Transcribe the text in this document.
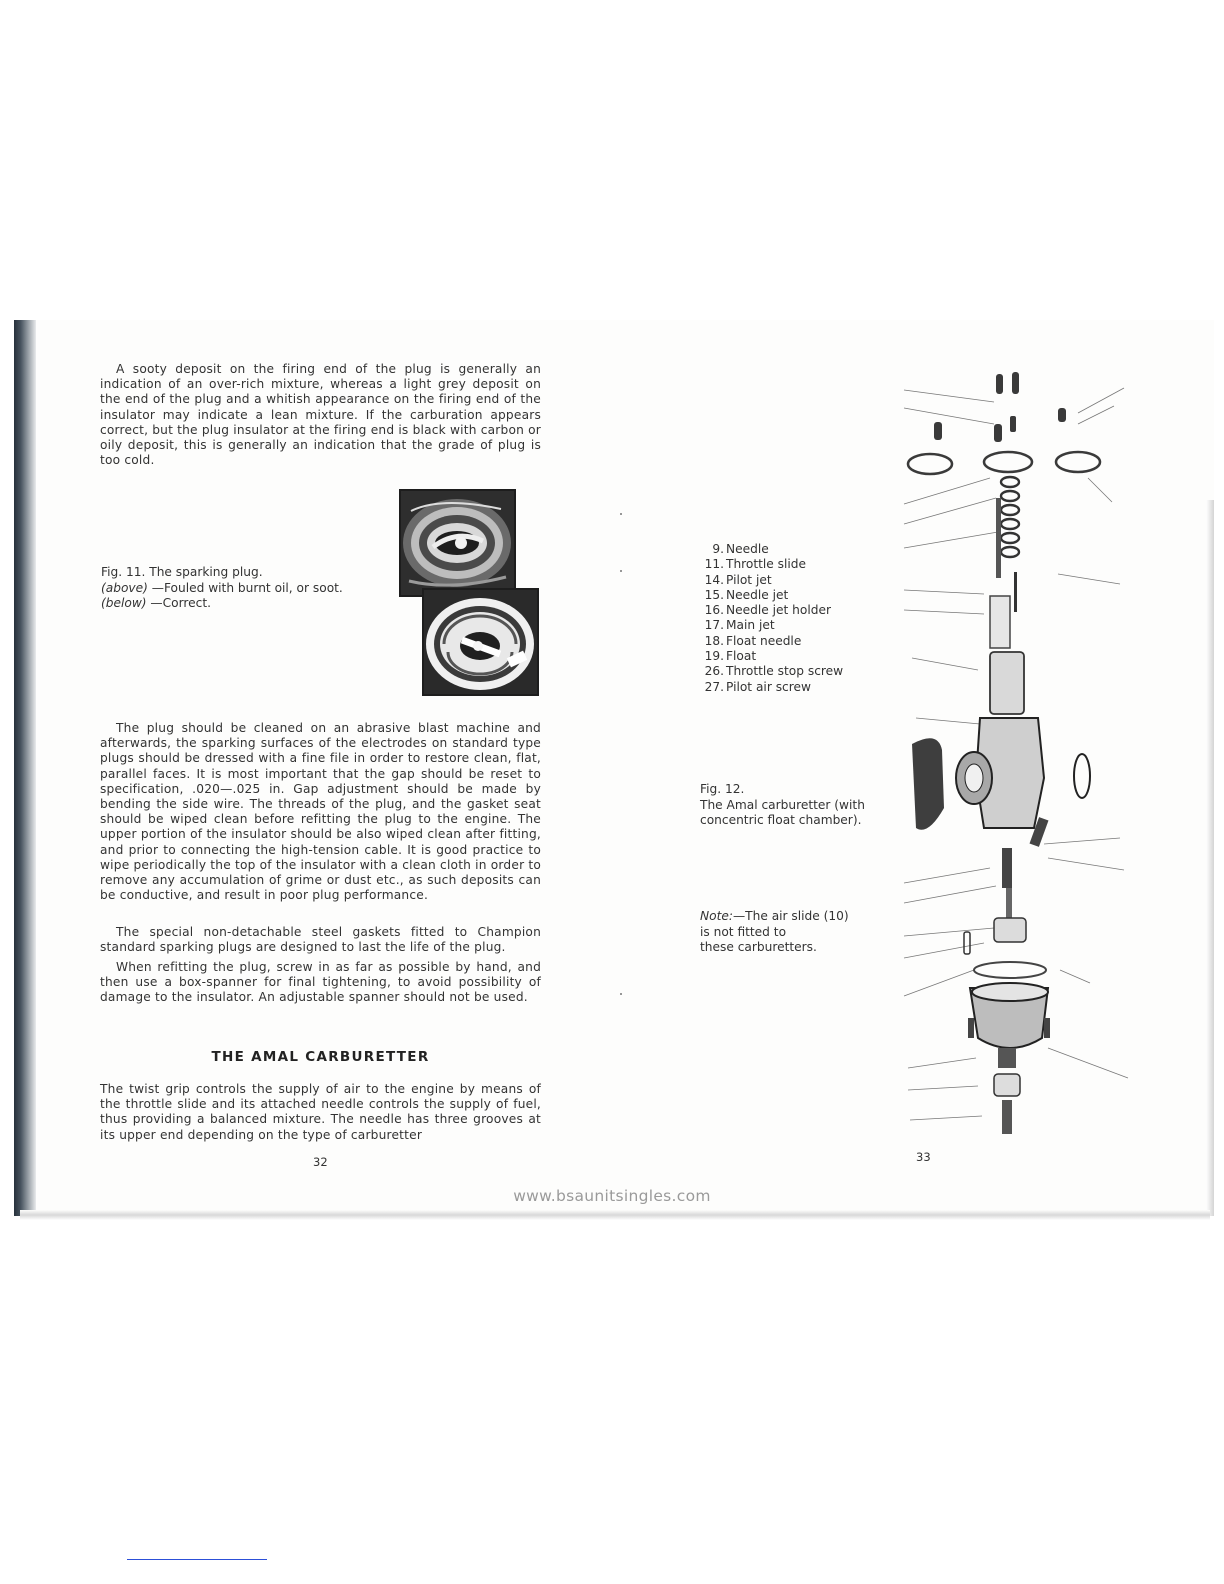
A sooty deposit on the firing end of the plug is generally an indication of an over-rich mixture, whereas a light grey deposit on the end of the plug and a whitish appearance on the firing end of the insulator may indicate a lean mixture. If the carburation appears correct, but the plug insulator at the firing end is black with carbon or oily deposit, this is generally an indication that the grade of plug is too cold.

Fig. 11. The sparking plug.
(above) —Fouled with burnt oil, or soot.
(below) —Correct.

The plug should be cleaned on an abrasive blast machine and afterwards, the sparking surfaces of the electrodes on standard type plugs should be dressed with a fine file in order to restore clean, flat, parallel faces. It is most important that the gap should be reset to specification, .020—.025 in. Gap adjustment should be made by bending the side wire. The threads of the plug, and the gasket seat should be wiped clean before refitting the plug to the engine. The upper portion of the insulator should be also wiped clean after fitting, and prior to connecting the high-tension cable. It is good practice to wipe periodically the top of the insulator with a clean cloth in order to remove any accumulation of grime or dust etc., as such deposits can be conductive, and result in poor plug performance.

The special non-detachable steel gaskets fitted to Champion standard sparking plugs are designed to last the life of the plug.

When refitting the plug, screw in as far as possible by hand, and then use a box-spanner for final tightening, to avoid possibility of damage to the insulator. An adjustable spanner should not be used.

THE AMAL CARBURETTER

The twist grip controls the supply of air to the engine by means of the throttle slide and its attached needle controls the supply of fuel, thus providing a balanced mixture. The needle has three grooves at its upper end depending on the type of carburetter

32
9. Needle
11. Throttle slide
14. Pilot jet
15. Needle jet
16. Needle jet holder
17. Main jet
18. Float needle
19. Float
26. Throttle stop screw
27. Pilot air screw
Fig. 12.
The Amal carburetter (with
concentric float chamber).
Note:—The air slide (10)
is not fitted to
these carburetters.
33
www.bsaunitsingles.com
